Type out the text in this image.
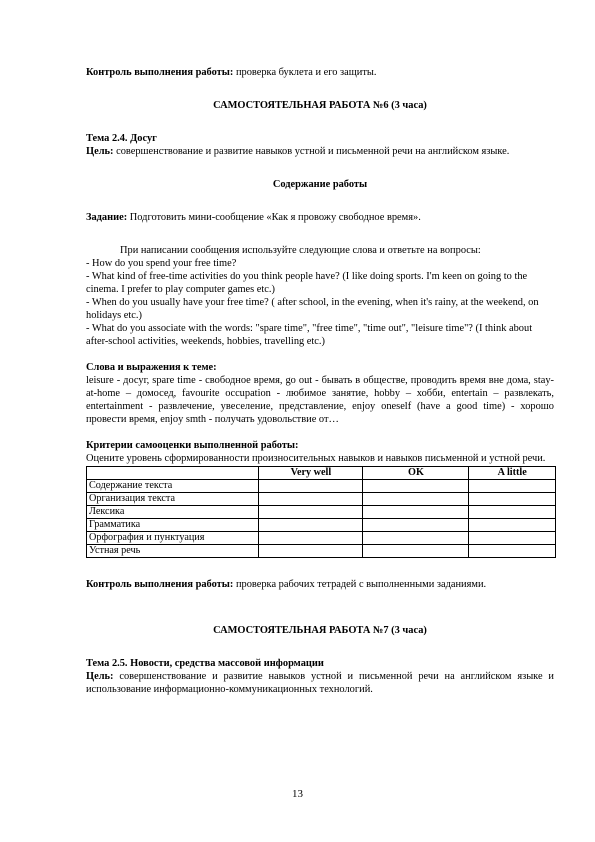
Контроль выполнения работы: проверка буклета и его защиты.

САМОСТОЯТЕЛЬНАЯ РАБОТА №6 (3 часа)

Тема 2.4. Досуг

Цель: совершенствование и развитие навыков устной и письменной речи на английском языке.

Содержание работы

Задание: Подготовить мини-сообщение «Как я провожу свободное время».

При написании сообщения используйте следующие слова и ответьте на вопросы:

- How do you spend your free time?

- What kind of free-time activities do you think people have? (I like doing sports. I'm keen on going to the cinema. I prefer to play computer games etc.)

- When do you usually have your free time? ( after school, in the evening, when it's rainy, at the weekend, on holidays etc.)

- What do you associate with the words: "spare time", "free time", "time out", "leisure time"? (I think about after-school activities, weekends, hobbies, travelling etc.)

Слова и выражения к теме:

leisure - досуг, spare time - свободное время, go out - бывать в обществе, проводить время вне дома, stay-at-home – домосед, favourite occupation - любимое занятие, hobby – хобби, entertain – развлекать, entertainment - развлечение, увеселение, представление, enjoy oneself (have a good time) - хорошо провести время, enjoy smth - получать удовольствие от…

Критерии самооценки выполненной работы:

Оцените уровень сформированности произносительных навыков и навыков письменной и устной речи.

	Very well	OK	A little
Содержание текста			
Организация текста			
Лексика			
Грамматика			
Орфография и пунктуация			
Устная речь			

Контроль выполнения работы: проверка рабочих тетрадей с выполненными заданиями.

САМОСТОЯТЕЛЬНАЯ РАБОТА №7 (3 часа)

Тема 2.5. Новости, средства массовой информации

Цель: совершенствование и развитие навыков устной и письменной речи на английском языке и использование информационно-коммуникационных технологий.

13
